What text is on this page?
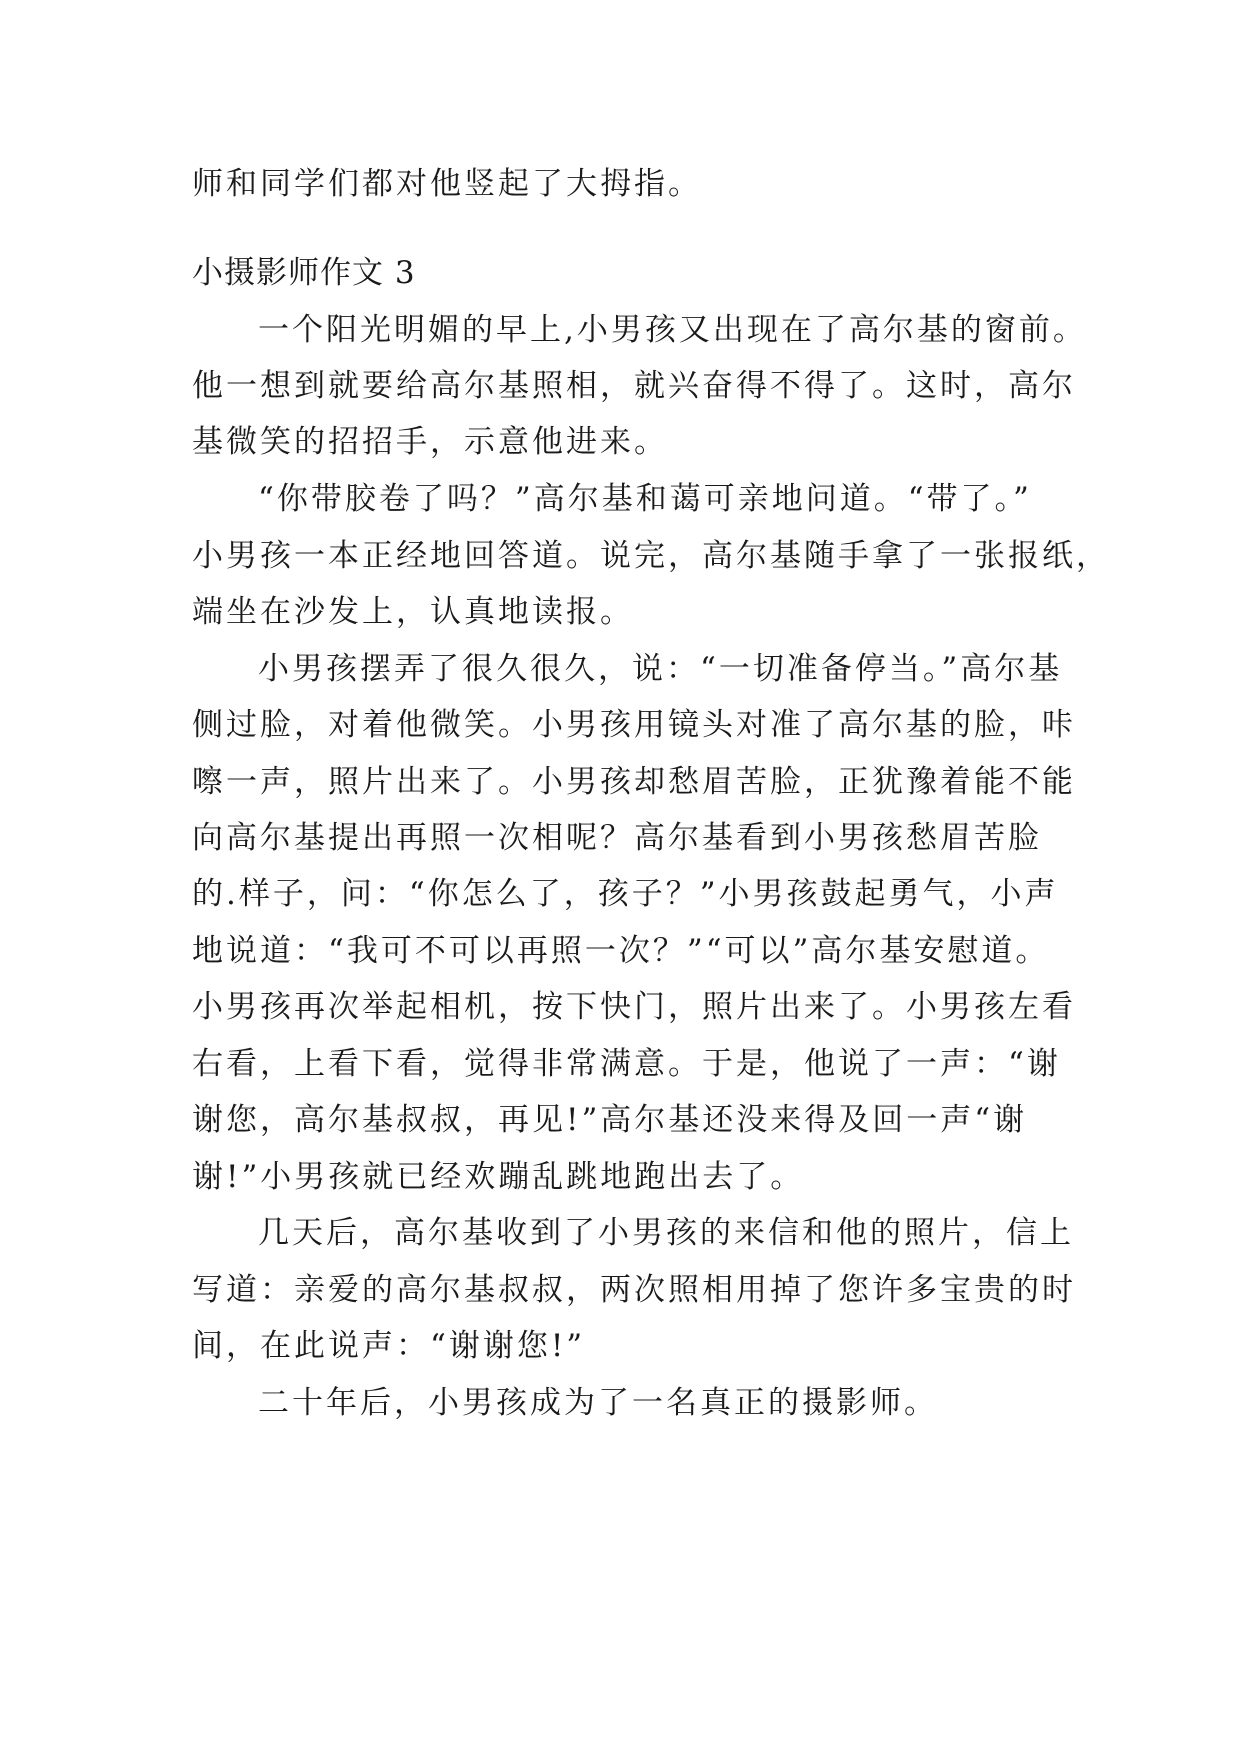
师和同学们都对他竖起了大拇指。
小摄影师作文 3
一个阳光明媚的早上,小男孩又出现在了高尔基的窗前。
他一想到就要给高尔基照相，就兴奋得不得了。这时，高尔
基微笑的招招手，示意他进来。
“你带胶卷了吗？”高尔基和蔼可亲地问道。“带了。”
小男孩一本正经地回答道。说完，高尔基随手拿了一张报纸，
端坐在沙发上，认真地读报。
小男孩摆弄了很久很久，说：“一切准备停当。”高尔基
侧过脸，对着他微笑。小男孩用镜头对准了高尔基的脸，咔
嚓一声，照片出来了。小男孩却愁眉苦脸，正犹豫着能不能
向高尔基提出再照一次相呢？高尔基看到小男孩愁眉苦脸
的.样子，问：“你怎么了，孩子？”小男孩鼓起勇气，小声
地说道：“我可不可以再照一次？”“可以”高尔基安慰道。
小男孩再次举起相机，按下快门，照片出来了。小男孩左看
右看，上看下看，觉得非常满意。于是，他说了一声：“谢
谢您，高尔基叔叔，再见!”高尔基还没来得及回一声“谢
谢!”小男孩就已经欢蹦乱跳地跑出去了。
几天后，高尔基收到了小男孩的来信和他的照片，信上
写道：亲爱的高尔基叔叔，两次照相用掉了您许多宝贵的时
间，在此说声：“谢谢您!”
二十年后，小男孩成为了一名真正的摄影师。
